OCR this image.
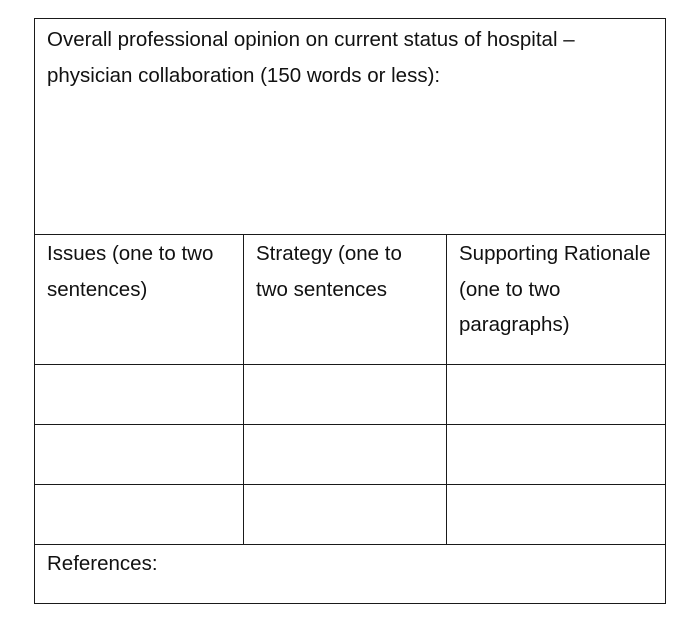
Overall professional opinion on current status of hospital – physician collaboration (150 words or less):		

Issues (one to two sentences)	Strategy (one to two sentences	Supporting Rationale (one to two paragraphs)

References:		
